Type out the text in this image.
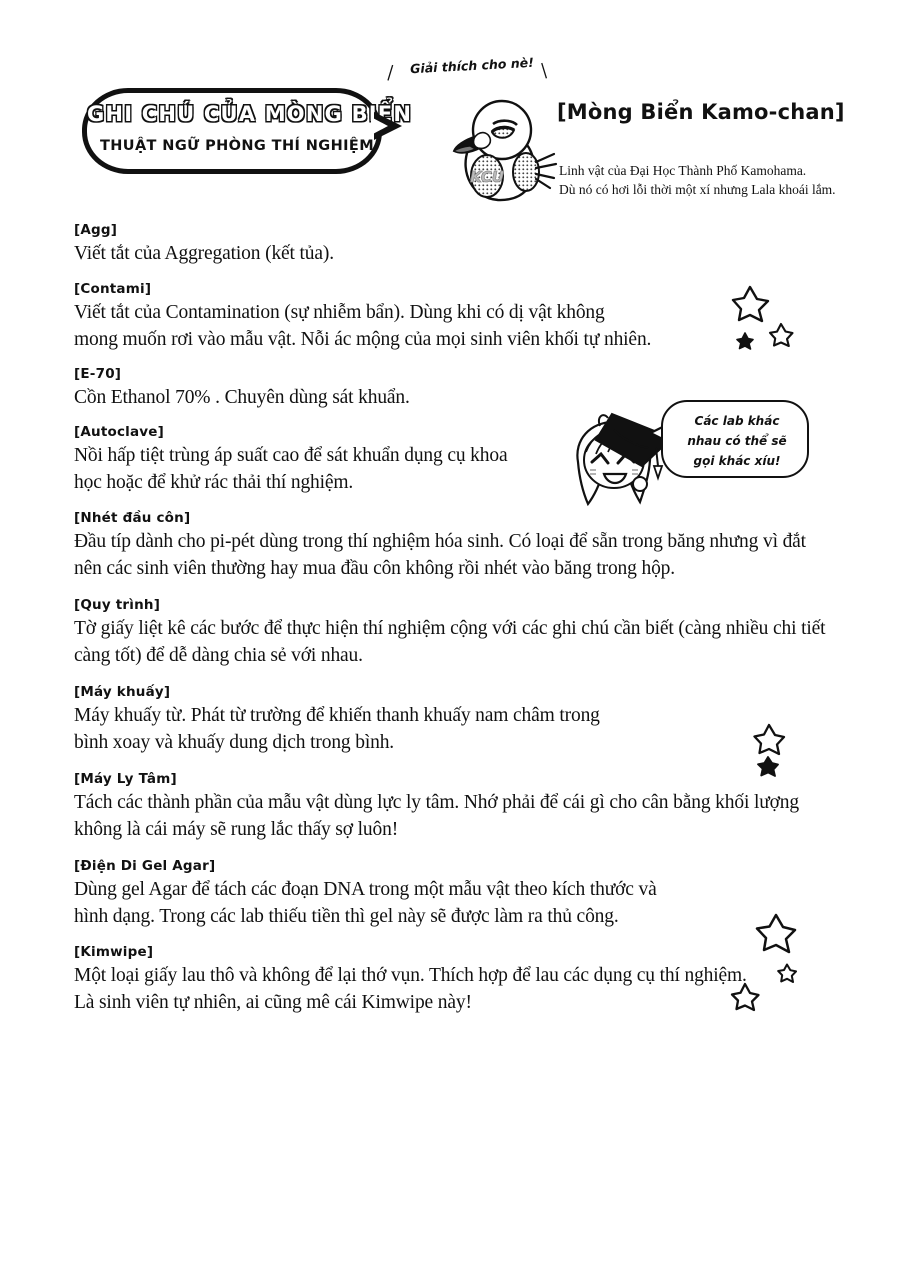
GHI CHÚ CỦA MÒNG BIỂN
THUẬT NGỮ PHÒNG THÍ NGHIỆM
|	|
Giải thích cho nè!
KCU
[Mòng Biển Kamo-chan]
Linh vật của Đại Học Thành Phố Kamohama.
Dù nó có hơi lỗi thời một xí nhưng Lala khoái lắm.
[Agg]
Viết tắt của Aggregation (kết tủa).
[Contami]
Viết tắt của Contamination (sự nhiễm bẩn). Dùng khi có dị vật không
mong muốn rơi vào mẫu vật. Nỗi ác mộng của mọi sinh viên khối tự nhiên.
[E-70]
Cồn Ethanol 70% . Chuyên dùng sát khuẩn.
[Autoclave]
Nồi hấp tiệt trùng áp suất cao để sát khuẩn dụng cụ khoa
học hoặc để khử rác thải thí nghiệm.
[Nhét đầu côn]
Đầu típ dành cho pi-pét dùng trong thí nghiệm hóa sinh. Có loại để sẵn trong băng nhưng vì đắt
nên các sinh viên thường hay mua đầu côn không rồi nhét vào băng trong hộp.
[Quy trình]
Tờ giấy liệt kê các bước để thực hiện thí nghiệm cộng với các ghi chú cần biết (càng nhiều chi tiết
càng tốt) để dễ dàng chia sẻ với nhau.
[Máy khuấy]
Máy khuấy từ. Phát từ trường để khiến thanh khuấy nam châm trong
bình xoay và khuấy dung dịch trong bình.
[Máy Ly Tâm]
Tách các thành phần của mẫu vật dùng lực ly tâm. Nhớ phải để cái gì cho cân bằng khối lượng
không là cái máy sẽ rung lắc thấy sợ luôn!
[Điện Di Gel Agar]
Dùng gel Agar để tách các đoạn DNA trong một mẫu vật theo kích thước và
hình dạng. Trong các lab thiếu tiền thì gel này sẽ được làm ra thủ công.
[Kimwipe]
Một loại giấy lau thô và không để lại thớ vụn. Thích hợp để lau các dụng cụ thí nghiệm.
Là sinh viên tự nhiên, ai cũng mê cái Kimwipe này!
Các lab khác
nhau có thể sẽ
gọi khác xíu!
